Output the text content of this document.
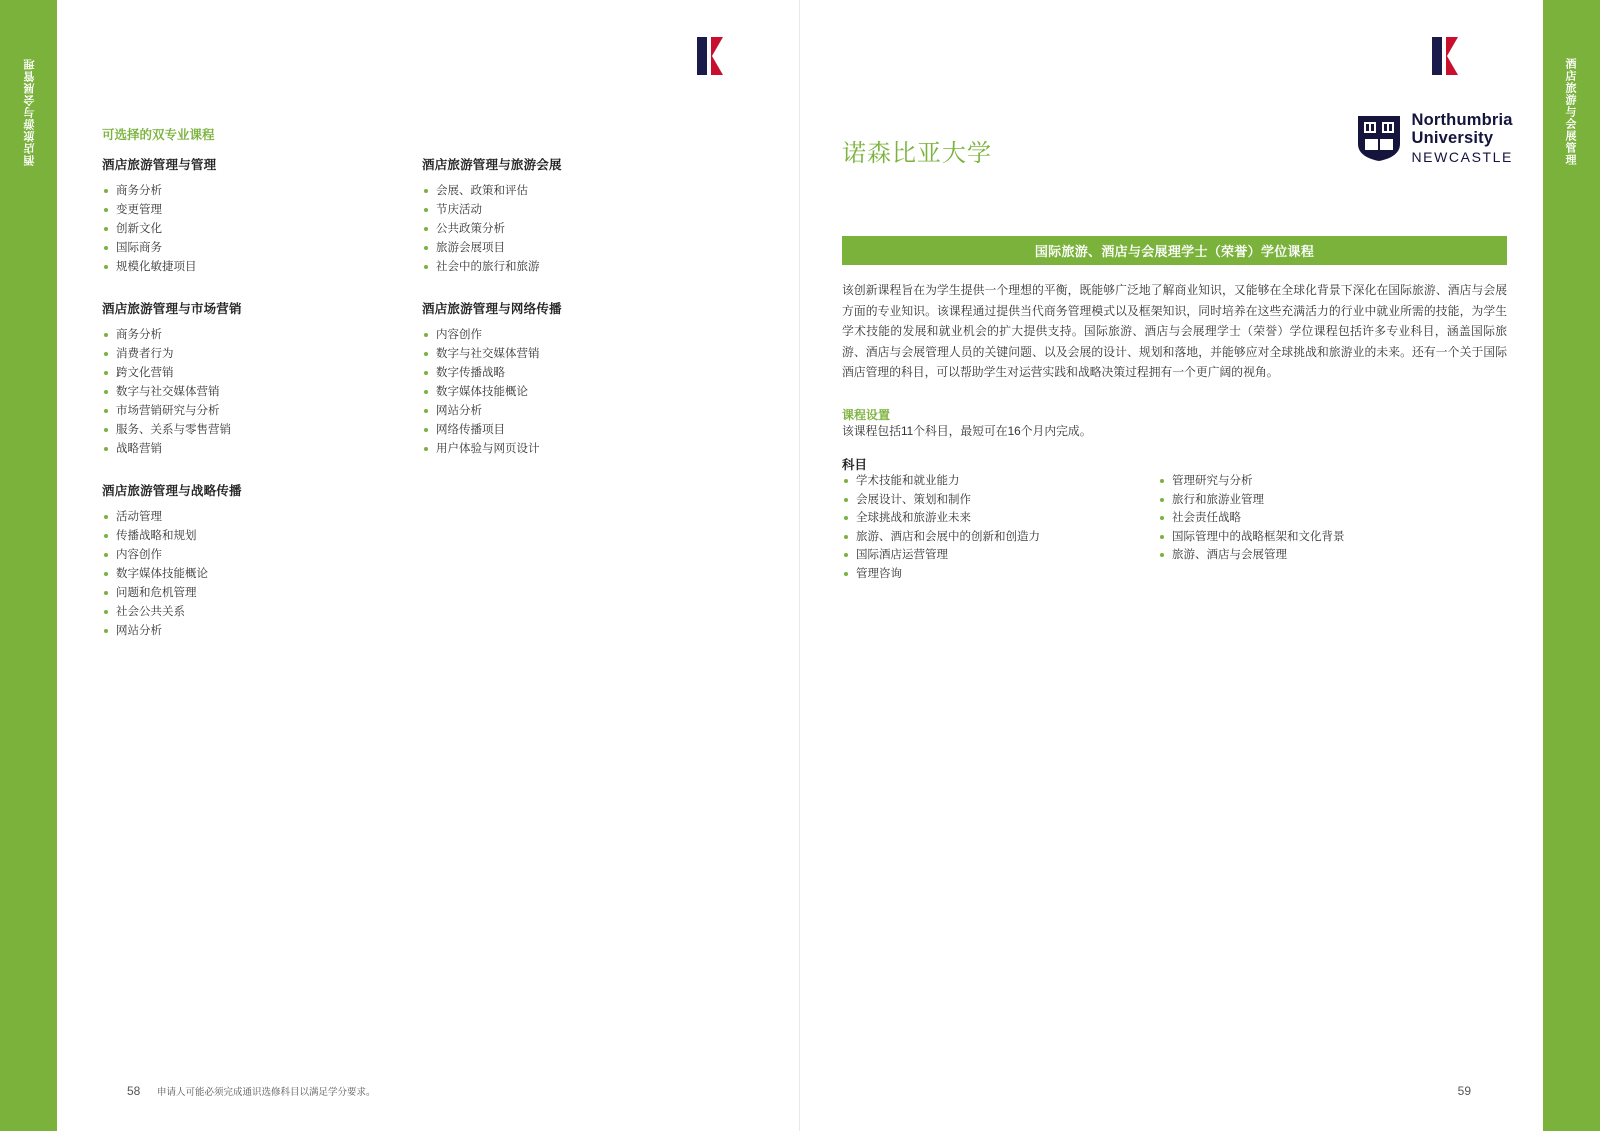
酒店旅游与会展管理	酒店旅游与会展管理
可选择的双专业课程
酒店旅游管理与管理
商务分析
变更管理
创新文化
国际商务
规模化敏捷项目
酒店旅游管理与市场营销
商务分析
消费者行为
跨文化营销
数字与社交媒体营销
市场营销研究与分析
服务、关系与零售营销
战略营销
酒店旅游管理与战略传播
活动管理
传播战略和规划
内容创作
数字媒体技能概论
问题和危机管理
社会公共关系
网站分析
酒店旅游管理与旅游会展
会展、政策和评估
节庆活动
公共政策分析
旅游会展项目
社会中的旅行和旅游
酒店旅游管理与网络传播
内容创作
数字与社交媒体营销
数字传播战略
数字媒体技能概论
网站分析
网络传播项目
用户体验与网页设计
58 申请人可能必须完成通识选修科目以满足学分要求。
诺森比亚大学
Northumbria
University
NEWCASTLE
国际旅游、酒店与会展理学士（荣誉）学位课程
该创新课程旨在为学生提供一个理想的平衡，既能够广泛地了解商业知识，又能够在全球化背景下深化在国际旅游、酒店与会展方面的专业知识。该课程通过提供当代商务管理模式以及框架知识，同时培养在这些充满活力的行业中就业所需的技能，为学生学术技能的发展和就业机会的扩大提供支持。国际旅游、酒店与会展理学士（荣誉）学位课程包括许多专业科目，涵盖国际旅游、酒店与会展管理人员的关键问题、以及会展的设计、规划和落地，并能够应对全球挑战和旅游业的未来。还有一个关于国际酒店管理的科目，可以帮助学生对运营实践和战略决策过程拥有一个更广阔的视角。
课程设置
该课程包括11个科目，最短可在16个月内完成。
科目
学术技能和就业能力
会展设计、策划和制作
全球挑战和旅游业未来
旅游、酒店和会展中的创新和创造力
国际酒店运营管理
管理咨询
管理研究与分析
旅行和旅游业管理
社会责任战略
国际管理中的战略框架和文化背景
旅游、酒店与会展管理
59
